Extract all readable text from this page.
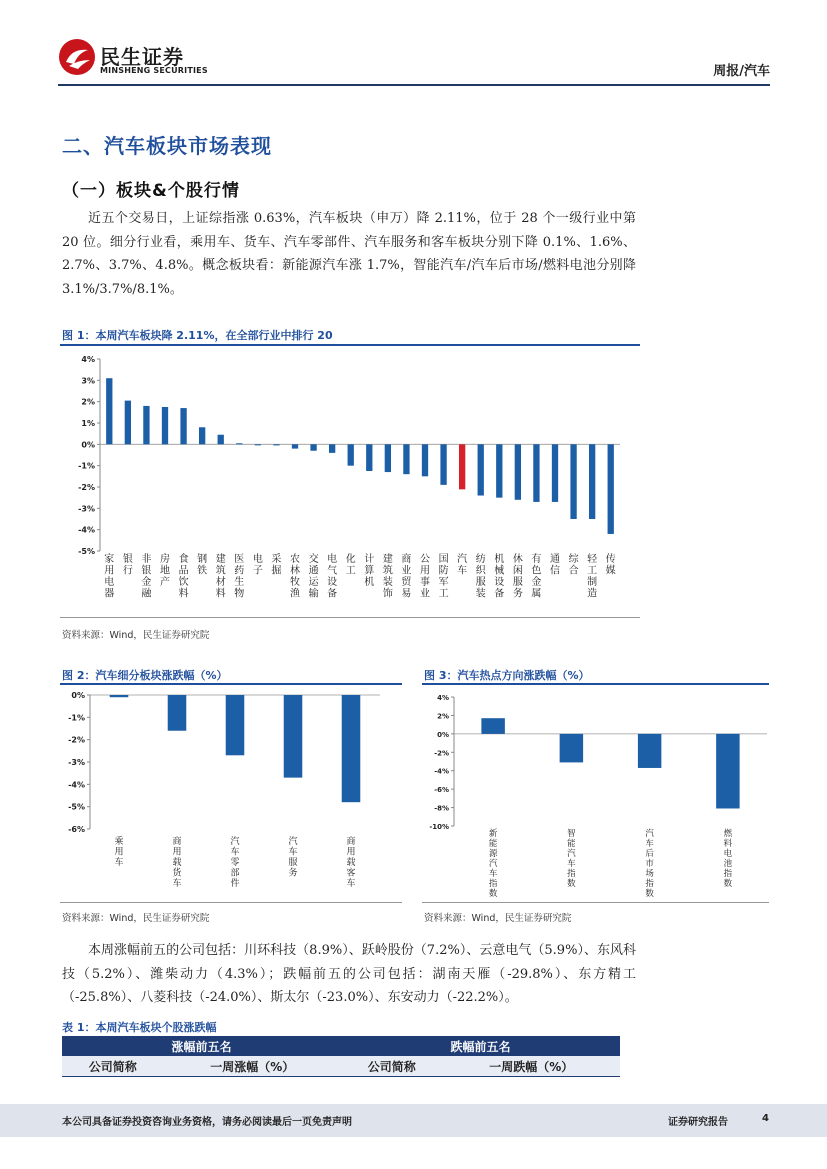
民生证券
MINSHENG SECURITIES	周报/汽车
二、汽车板块市场表现
（一）板块&个股行情

近五个交易日，上证综指涨 0.63%，汽车板块（申万）降 2.11%，位于 28 个一级行业中第 20 位。细分行业看，乘用车、货车、汽车零部件、汽车服务和客车板块分别下降 0.1%、1.6%、2.7%、3.7%、4.8%。概念板块看：新能源汽车涨 1.7%，智能汽车/汽车后市场/燃料电池分别降 3.1%/3.7%/8.1%。

图 1：本周汽车板块降 2.11%，在全部行业中排行 20
4%
3%
2%
1%
0%
-1%
-2%
-3%
-4%
-5%
家用电器
银行
非银金融
房地产
食品饮料
钢铁
建筑材料
医药生物
电子
采掘
农林牧渔
交通运输
电气设备
化工
计算机
建筑装饰
商业贸易
公用事业
国防军工
汽车
纺织服装
机械设备
休闲服务
有色金属
通信
综合
轻工制造
传媒
资料来源：Wind，民生证券研究院
图 2：汽车细分板块涨跌幅（%）
0%
-1%
-2%
-3%
-4%
-5%
-6%
乘用车
商用载货车
汽车零部件
汽车服务
商用载客车
资料来源：Wind，民生证券研究院
图 3：汽车热点方向涨跌幅（%）
4%
2%
0%
-2%
-4%
-6%
-8%
-10%
新能源汽车指数
智能汽车指数
汽车后市场指数
燃料电池指数
资料来源：Wind，民生证券研究院

本周涨幅前五的公司包括：川环科技（8.9%）、跃岭股份（7.2%）、云意电气（5.9%）、东风科技（5.2%）、潍柴动力（4.3%）；跌幅前五的公司包括：湖南天雁（-29.8%）、东方精工（-25.8%）、八菱科技（-24.0%）、斯太尔（-23.0%）、东安动力（-22.2%）。

表 1：本周汽车板块个股涨跌幅
涨幅前五名		跌幅前五名	
公司简称	一周涨幅（%）	公司简称	一周跌幅（%）
本公司具备证券投资咨询业务资格，请务必阅读最后一页免责声明	证券研究报告	4
